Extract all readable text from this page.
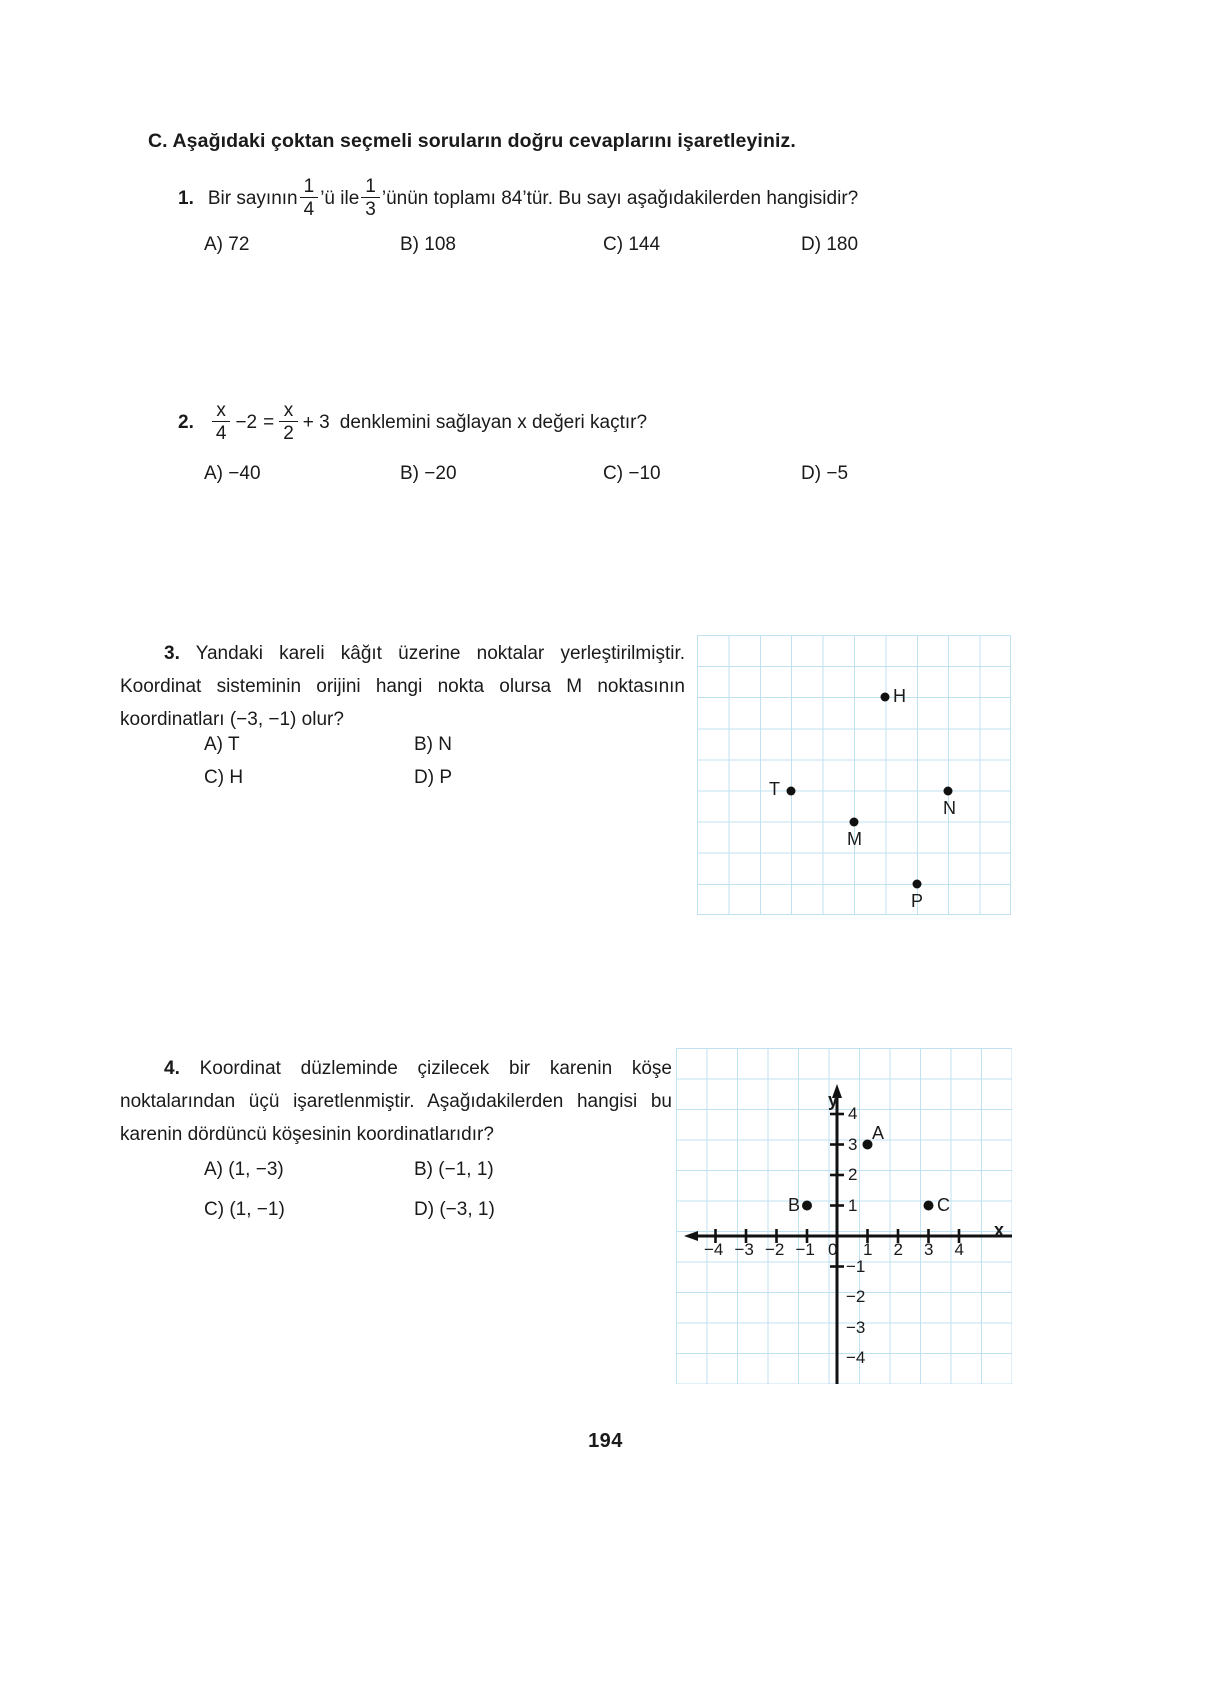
C. Aşağıdaki çoktan seçmeli soruların doğru cevaplarını işaretleyiniz.
1. Bir sayının $\frac{1}{4}$ ’ü ile $\frac{1}{3}$ ’ünün toplamı 84’tür. Bu sayı aşağıdakilerden hangisidir?
A) 72	B) 108	C) 144	D) 180
2. $\frac{x}{4} -2 = \frac{x}{2} + 3$ denklemini sağlayan x değeri kaçtır?
A) −40	B) −20	C) −10	D) −5
3. Yandaki kareli kâğıt üzerine noktalar yerleştirilmiştir. Koordinat sisteminin orijini hangi nokta olursa M noktasının koordinatları (−3, −1) olur?
A) T	B) N
C) H	D) P
H
T
N
M
P
4. Koordinat düzleminde çizilecek bir karenin köşe noktalarından üçü işaretlenmiştir. Aşağıdakilerden hangisi bu karenin dördüncü köşesinin koordinatlarıdır?
A) (1, −3)	B) (−1, 1)
C) (1, −1)	D) (−3, 1)
y
x
0
−4 −3 −2 −1	1 2 3 4
4
3
2
1
−1
−2
−3
−4
A
B	C
194
